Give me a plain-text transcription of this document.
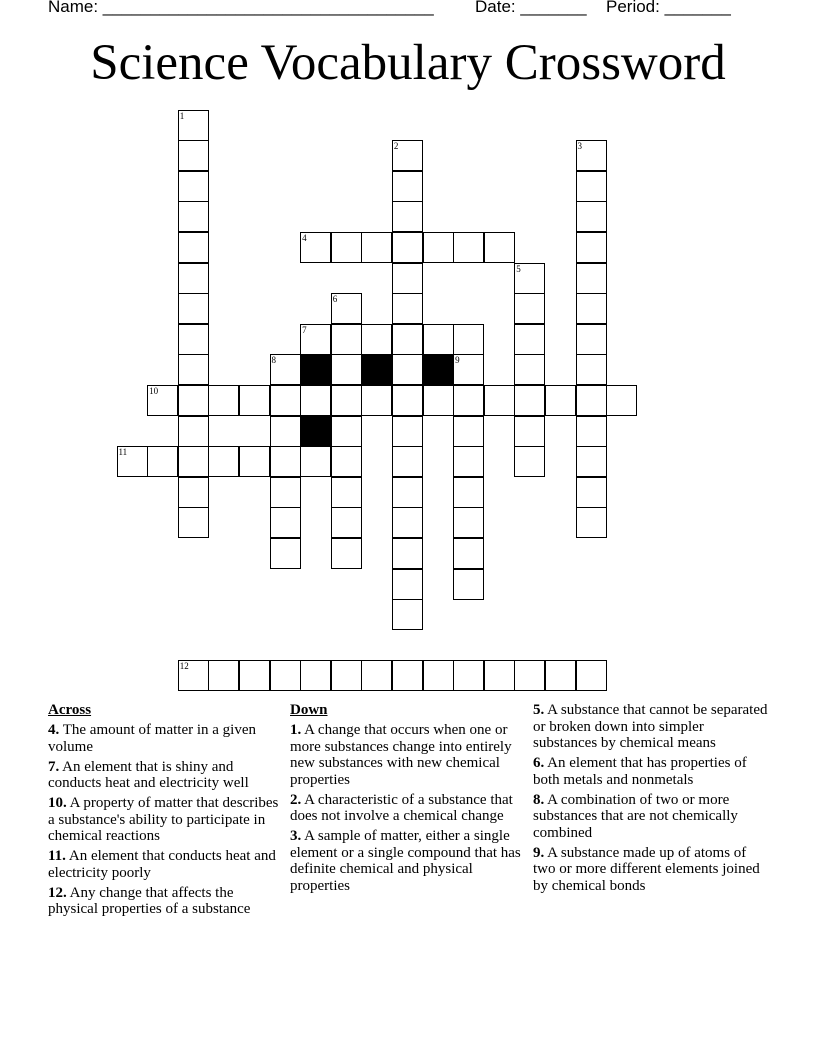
Name: ___________________________________

Date: _______

Period: _______

Science Vocabulary Crossword
1
2	3
4
5
6
7
8	9
10
11
12
Across
4. The amount of matter in a given volume
7. An element that is shiny and conducts heat and electricity well
10. A property of matter that describes a substance's ability to participate in chemical reactions
11. An element that conducts heat and electricity poorly
12. Any change that affects the physical properties of a substance
Down
1. A change that occurs when one or more substances change into entirely new substances with new chemical properties
2. A characteristic of a substance that does not involve a chemical change
3. A sample of matter, either a single element or a single compound that has definite chemical and physical properties
5. A substance that cannot be separated or broken down into simpler substances by chemical means
6. An element that has properties of both metals and nonmetals
8. A combination of two or more substances that are not chemically combined
9. A substance made up of atoms of two or more different elements joined by chemical bonds
